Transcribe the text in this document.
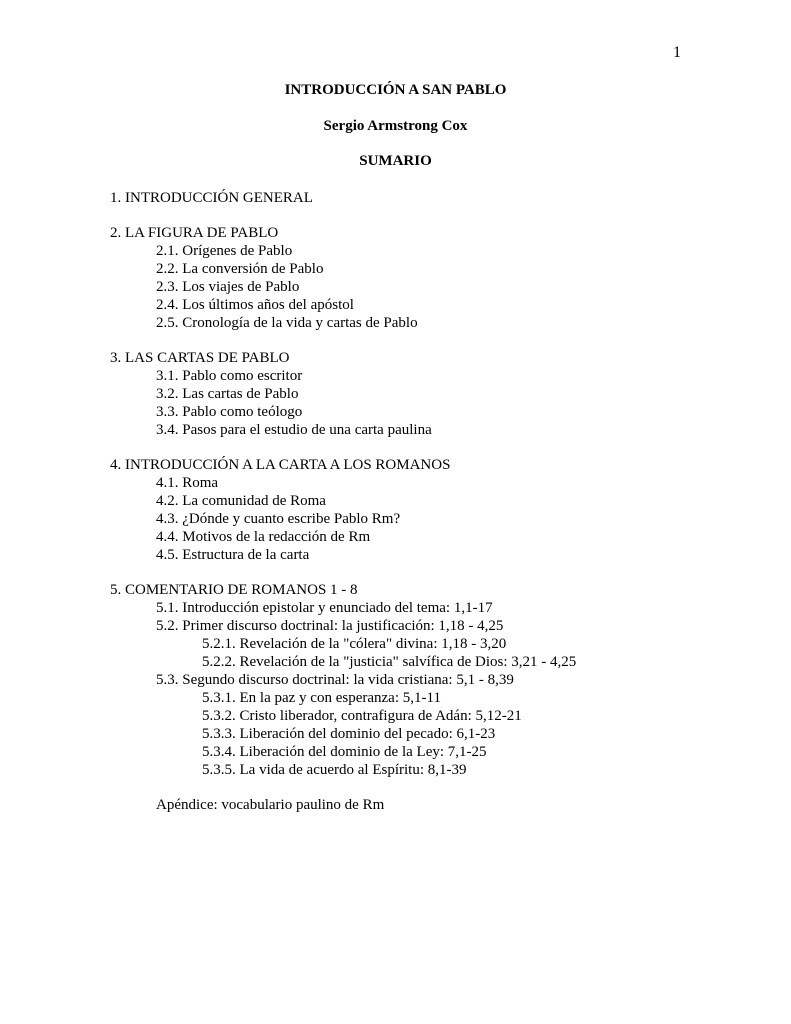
1
INTRODUCCIÓN A SAN PABLO
Sergio Armstrong Cox
SUMARIO
1. INTRODUCCIÓN GENERAL
2. LA FIGURA DE PABLO
2.1. Orígenes de Pablo
2.2. La conversión de Pablo
2.3. Los viajes de Pablo
2.4. Los últimos años del apóstol
2.5. Cronología de la vida y cartas de Pablo
3. LAS CARTAS DE PABLO
3.1. Pablo como escritor
3.2. Las cartas de Pablo
3.3. Pablo como teólogo
3.4. Pasos para el estudio de una carta paulina
4. INTRODUCCIÓN A LA CARTA A LOS ROMANOS
4.1. Roma
4.2. La comunidad de Roma
4.3. ¿Dónde y cuanto escribe Pablo Rm?
4.4. Motivos de la redacción de Rm
4.5. Estructura de la carta
5. COMENTARIO DE ROMANOS 1 - 8
5.1. Introducción epistolar y enunciado del tema: 1,1-17
5.2. Primer discurso doctrinal: la justificación: 1,18 - 4,25
5.2.1. Revelación de la "cólera" divina: 1,18 - 3,20
5.2.2. Revelación de la "justicia" salvífica de Dios: 3,21 - 4,25
5.3. Segundo discurso doctrinal: la vida cristiana: 5,1 - 8,39
5.3.1. En la paz y con esperanza: 5,1-11
5.3.2. Cristo liberador, contrafigura de Adán: 5,12-21
5.3.3. Liberación del dominio del pecado: 6,1-23
5.3.4. Liberación del dominio de la Ley: 7,1-25
5.3.5. La vida de acuerdo al Espíritu: 8,1-39
Apéndice: vocabulario paulino de Rm
